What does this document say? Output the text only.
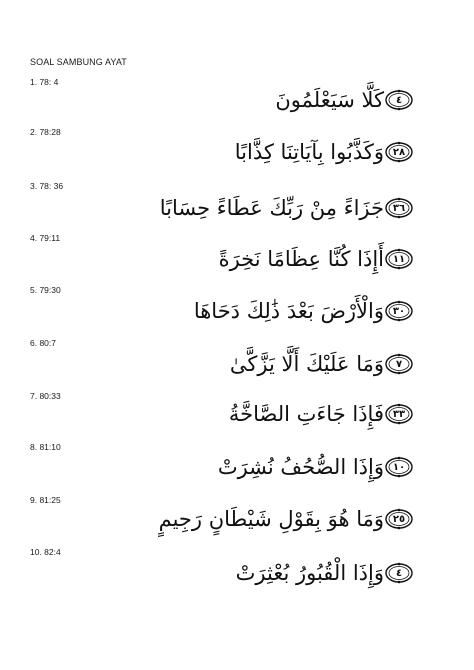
SOAL SAMBUNG AYAT
1. 78: 4
٤
كَلَّا سَيَعْلَمُونَ
2. 78:28
٢٨
وَكَذَّبُوا بِآيَاتِنَا كِذَّابًا
3. 78: 36
٣٦
جَزَاءً مِنْ رَبِّكَ عَطَاءً حِسَابًا
4. 79:11
١١
أَإِذَا كُنَّا عِظَامًا نَخِرَةً
5. 79:30
٣٠
وَالْأَرْضَ بَعْدَ ذَٰلِكَ دَحَاهَا
6. 80:7
٧
وَمَا عَلَيْكَ أَلَّا يَزَّكَّىٰ
7. 80:33
٣٣
فَإِذَا جَاءَتِ الصَّاخَّةُ
8. 81:10
١٠
وَإِذَا الصُّحُفُ نُشِرَتْ
9. 81:25
٢٥
وَمَا هُوَ بِقَوْلِ شَيْطَانٍ رَجِيمٍ
10. 82:4
٤
وَإِذَا الْقُبُورُ بُعْثِرَتْ
